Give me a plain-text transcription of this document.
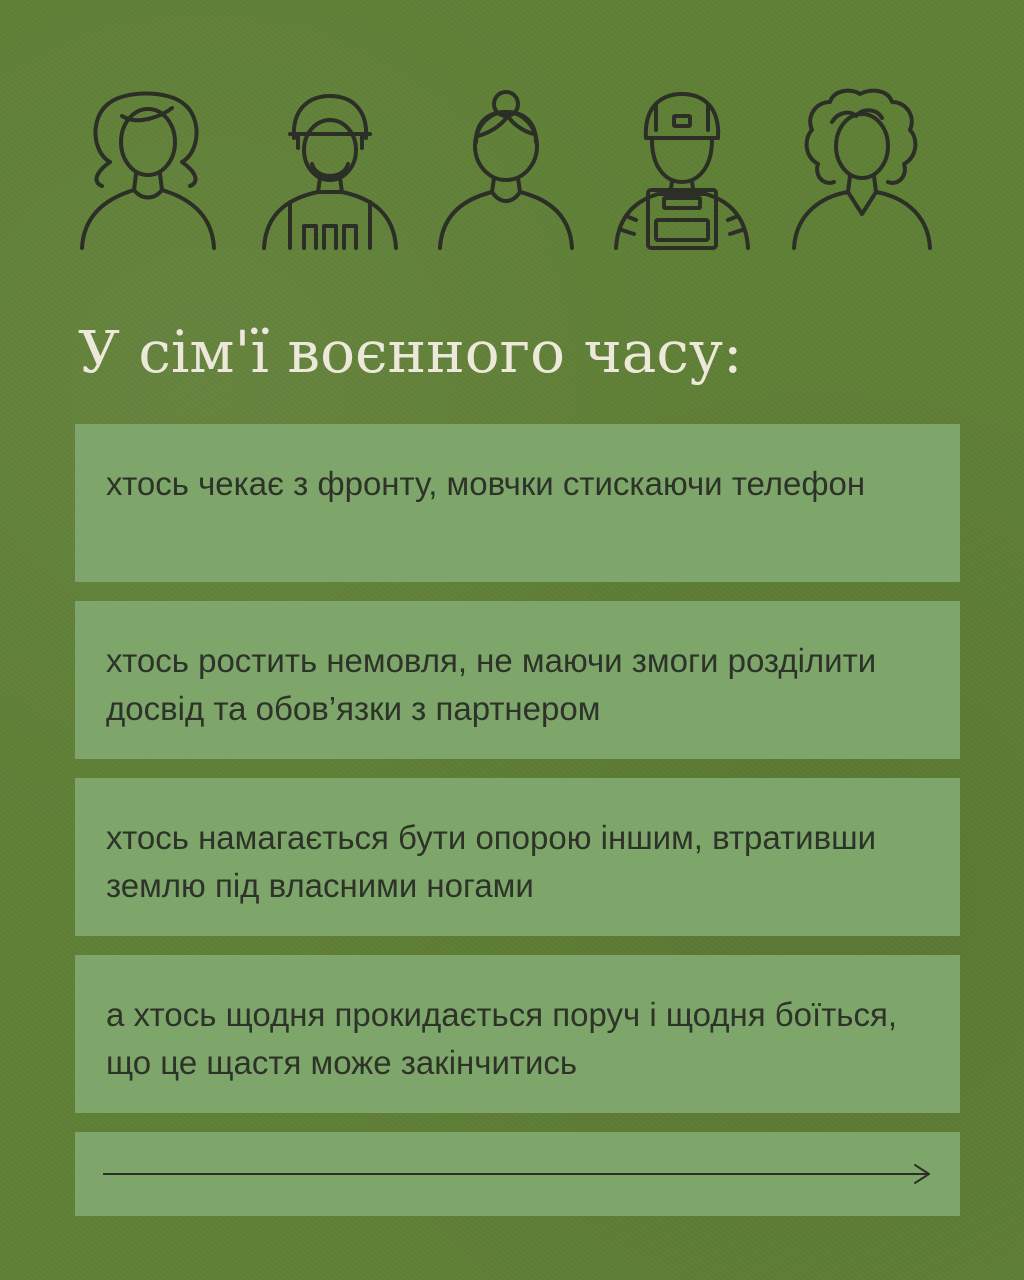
У сім'ї воєнного часу:

хтось чекає з фронту, мовчки стискаючи телефон

хтось ростить немовля, не маючи змоги розділити досвід та обов’язки з партнером

хтось намагається бути опорою іншим, втративши землю під власними ногами

а хтось щодня прокидається поруч і щодня боїться, що це щастя може закінчитись
